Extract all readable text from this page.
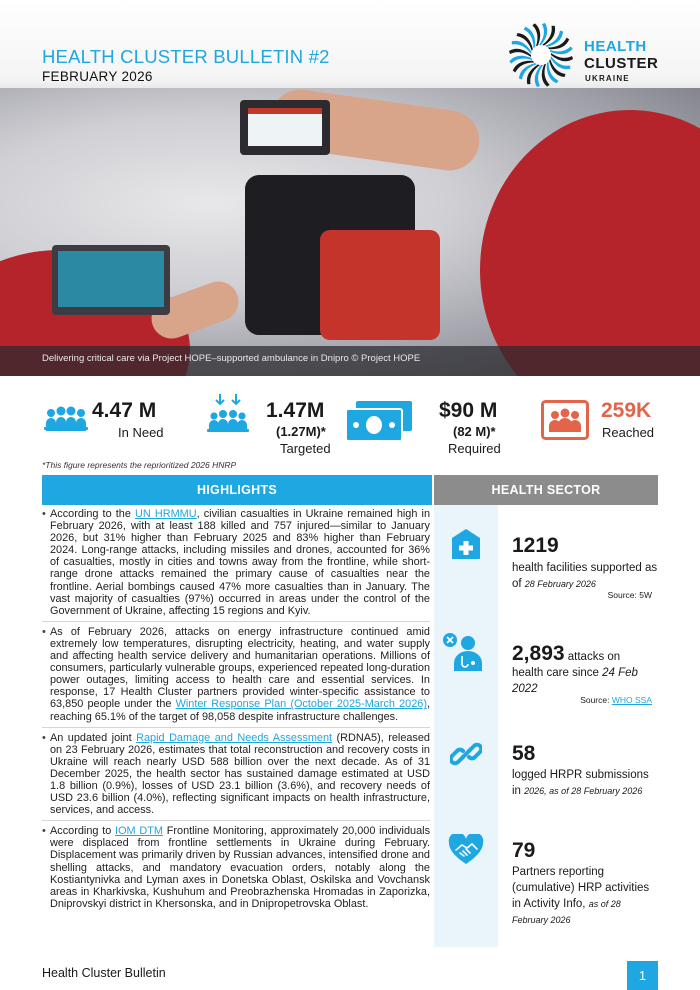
Delivering critical care via Project HOPE–supported ambulance in Dnipro © Project HOPE
HEALTH CLUSTER BULLETIN #2
FEBRUARY 2026
HEALTH
CLUSTER
UKRAINE
4.47 M
In Need
1.47M
(1.27M)*
Targeted
$90 M
(82 M)*
Required
259K
Reached
*This figure represents the reprioritized 2026 HNRP
HIGHLIGHTS	HEALTH SECTOR

• According to the UN HRMMU, civilian casualties in Ukraine remained high in February 2026, with at least 188 killed and 757 injured—similar to January 2026, but 31% higher than February 2025 and 83% higher than February 2024. Long-range attacks, including missiles and drones, accounted for 36% of casualties, mostly in cities and towns away from the frontline, while short-range drone attacks remained the primary cause of casualties near the frontline. Aerial bombings caused 47% more casualties than in January. The vast majority of casualties (97%) occurred in areas under the control of the Government of Ukraine, affecting 15 regions and Kyiv.

• As of February 2026, attacks on energy infrastructure continued amid extremely low temperatures, disrupting electricity, heating, and water supply and affecting health service delivery and humanitarian operations. Millions of consumers, particularly vulnerable groups, experienced repeated long-duration power outages, limiting access to health care and essential services. In response, 17 Health Cluster partners provided winter-specific assistance to 63,850 people under the Winter Response Plan (October 2025-March 2026), reaching 65.1% of the target of 98,058 despite infrastructure challenges.

• An updated joint Rapid Damage and Needs Assessment (RDNA5), released on 23 February 2026, estimates that total reconstruction and recovery costs in Ukraine will reach nearly USD 588 billion over the next decade. As of 31 December 2025, the health sector has sustained damage estimated at USD 1.8 billion (0.9%), losses of USD 23.1 billion (3.6%), and recovery needs of USD 23.6 billion (4.0%), reflecting significant impacts on health infrastructure, services, and access.

• According to IOM DTM Frontline Monitoring, approximately 20,000 individuals were displaced from frontline settlements in Ukraine during February. Displacement was primarily driven by Russian advances, intensified drone and shelling attacks, and mandatory evacuation orders, notably along the Kostiantynivka and Lyman axes in Donetska Oblast, Oskilska and Vovchansk areas in Kharkivska, Kushuhum and Preobrazhenska Hromadas in Zaporizka, Dniprovskyi district in Khersonska, and in Dnipropetrovska Oblast.

1219
health facilities supported as of 28 February 2026
Source: 5W
2,893 attacks on
health care since 24 Feb 2022
Source: WHO SSA
58
logged HRPR submissions in 2026, as of 28 February 2026
79
Partners reporting (cumulative) HRP activities in Activity Info, as of 28 February 2026
Health Cluster Bulletin	1
